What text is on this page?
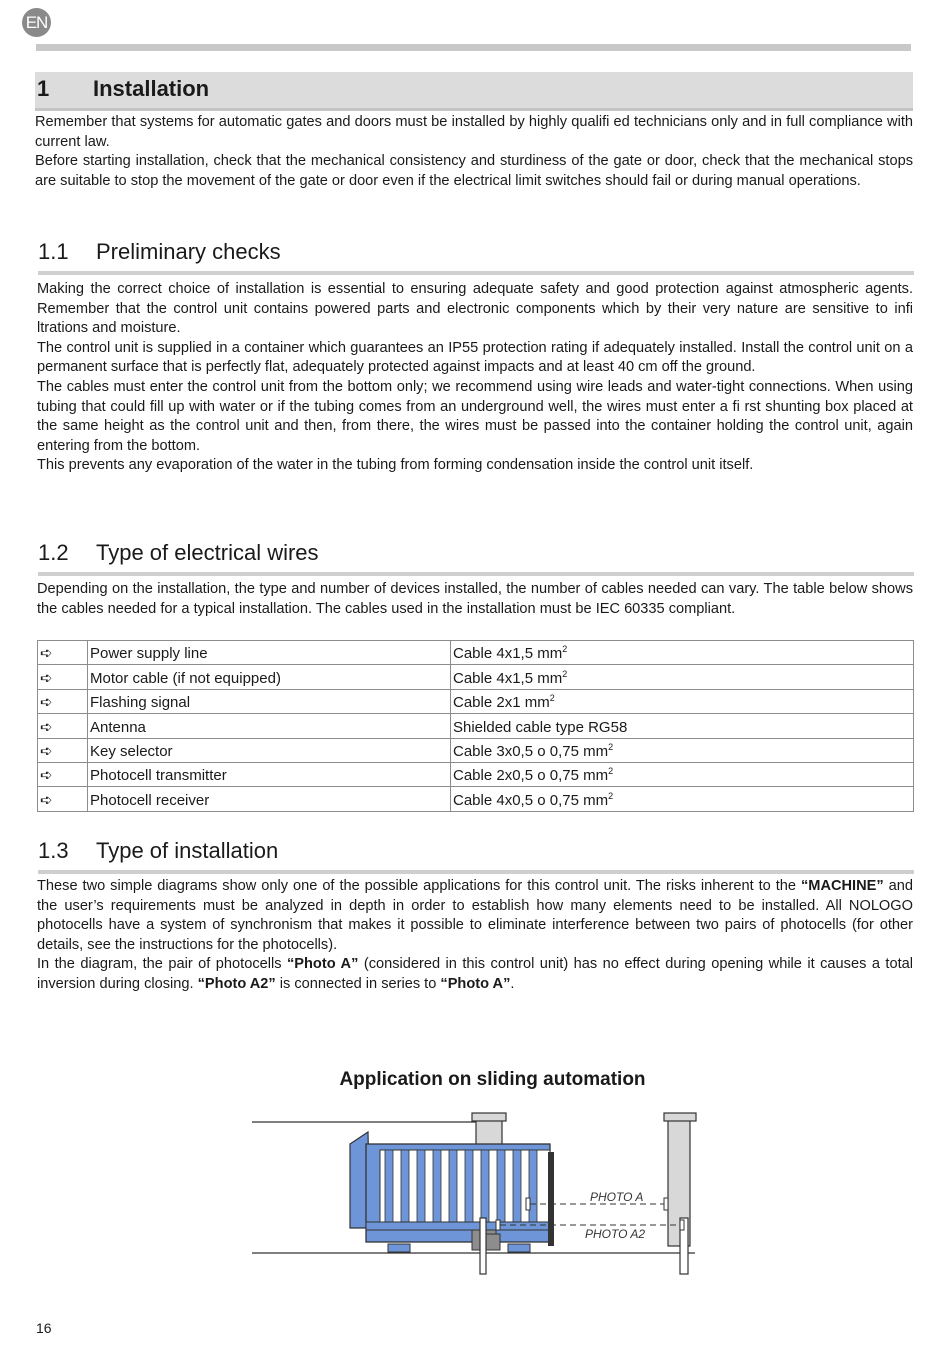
EN
1 Installation

Remember that systems for automatic gates and doors must be installed by highly qualifi ed technicians only and in full compliance with current law.

Before starting installation, check that the mechanical consistency and sturdiness of the gate or door, check that the mechanical stops are suitable to stop the movement of the gate or door even if the electrical limit switches should fail or during manual operations.

1.1 Preliminary checks

Making the correct choice of installation is essential to ensuring adequate safety and good protection against atmospheric agents. Remember that the control unit contains powered parts and electronic components which by their very nature are sensitive to infi ltrations and moisture.

The control unit is supplied in a container which guarantees an IP55 protection rating if adequately installed. Install the control unit on a permanent surface that is perfectly flat, adequately protected against impacts and at least 40 cm off the ground.

The cables must enter the control unit from the bottom only; we recommend using wire leads and water-tight connections. When using tubing that could fill up with water or if the tubing comes from an underground well, the wires must enter a fi rst shunting box placed at the same height as the control unit and then, from there, the wires must be passed into the container holding the control unit, again entering from the bottom.

This prevents any evaporation of the water in the tubing from forming condensation inside the control unit itself.

1.2 Type of electrical wires

Depending on the installation, the type and number of devices installed, the number of cables needed can vary. The table below shows the cables needed for a typical installation. The cables used in the installation must be IEC 60335 compliant.

➪	Power supply line	Cable 4x1,5 $mm^2$
➪	Motor cable (if not equipped)	Cable 4x1,5 $mm^2$
➪	Flashing signal	Cable 2x1 $mm^2$
➪	Antenna	Shielded cable type RG58
➪	Key selector	Cable 3x0,5 o 0,75 $mm^2$
➪	Photocell transmitter	Cable 2x0,5 o 0,75 $mm^2$
➪	Photocell receiver	Cable 4x0,5 o 0,75 $mm^2$
1.3 Type of installation

These two simple diagrams show only one of the possible applications for this control unit. The risks inherent to the “MACHINE” and the user’s requirements must be analyzed in depth in order to establish how many elements need to be installed. All NOLOGO photocells have a system of synchronism that makes it possible to eliminate interference between two pairs of photocells (for other details, see the instructions for the photocells).

In the diagram, the pair of photocells “Photo A” (considered in this control unit) has no effect during opening while it causes a total inversion during closing. “Photo A2” is connected in series to “Photo A”.

Application on sliding automation
PHOTO A
PHOTO A2
16
